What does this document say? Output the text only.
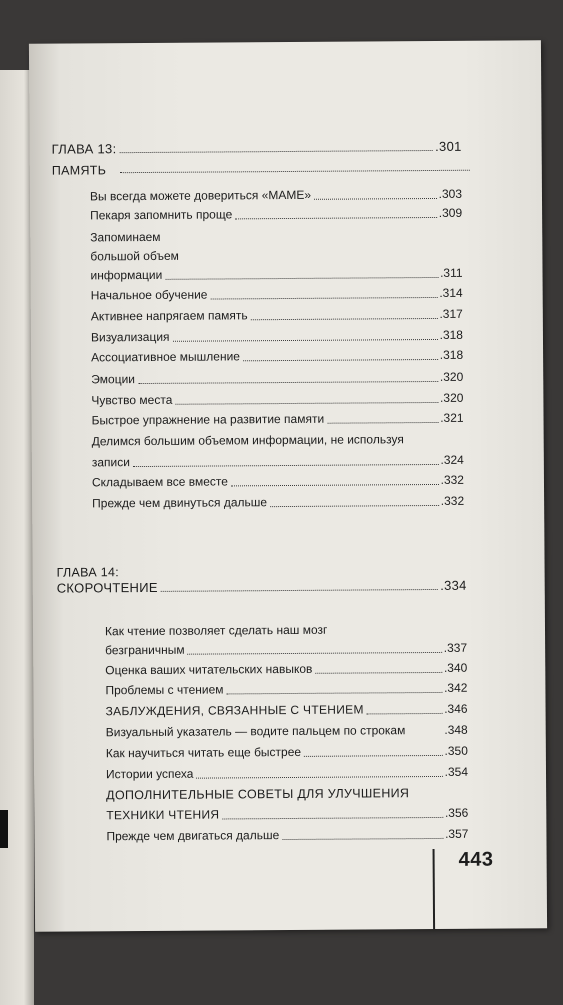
ГЛАВА 13:	.301
ПАМЯТЬ
Вы всегда можете довериться «МАМЕ»	.303
Пекаря запомнить проще	.309
Запоминаем
большой объем
информации	.311
Начальное обучение	.314
Активнее напрягаем память	.317
Визуализация	.318
Ассоциативное мышление	.318
Эмоции	.320
Чувство места	.320
Быстрое упражнение на развитие памяти	.321
Делимся большим объемом информации, не используя
записи	.324
Складываем все вместе	.332
Прежде чем двинуться дальше	.332
ГЛАВА 14:
СКОРОЧТЕНИЕ	.334
Как чтение позволяет сделать наш мозг
безграничным	.337
Оценка ваших читательских навыков	.340
Проблемы с чтением	.342
ЗАБЛУЖДЕНИЯ, СВЯЗАННЫЕ С ЧТЕНИЕМ	.346
Визуальный указатель — водите пальцем по строкам	.348
Как научиться читать еще быстрее	.350
Истории успеха	.354
ДОПОЛНИТЕЛЬНЫЕ СОВЕТЫ ДЛЯ УЛУЧШЕНИЯ
ТЕХНИКИ ЧТЕНИЯ	.356
Прежде чем двигаться дальше	.357
443
